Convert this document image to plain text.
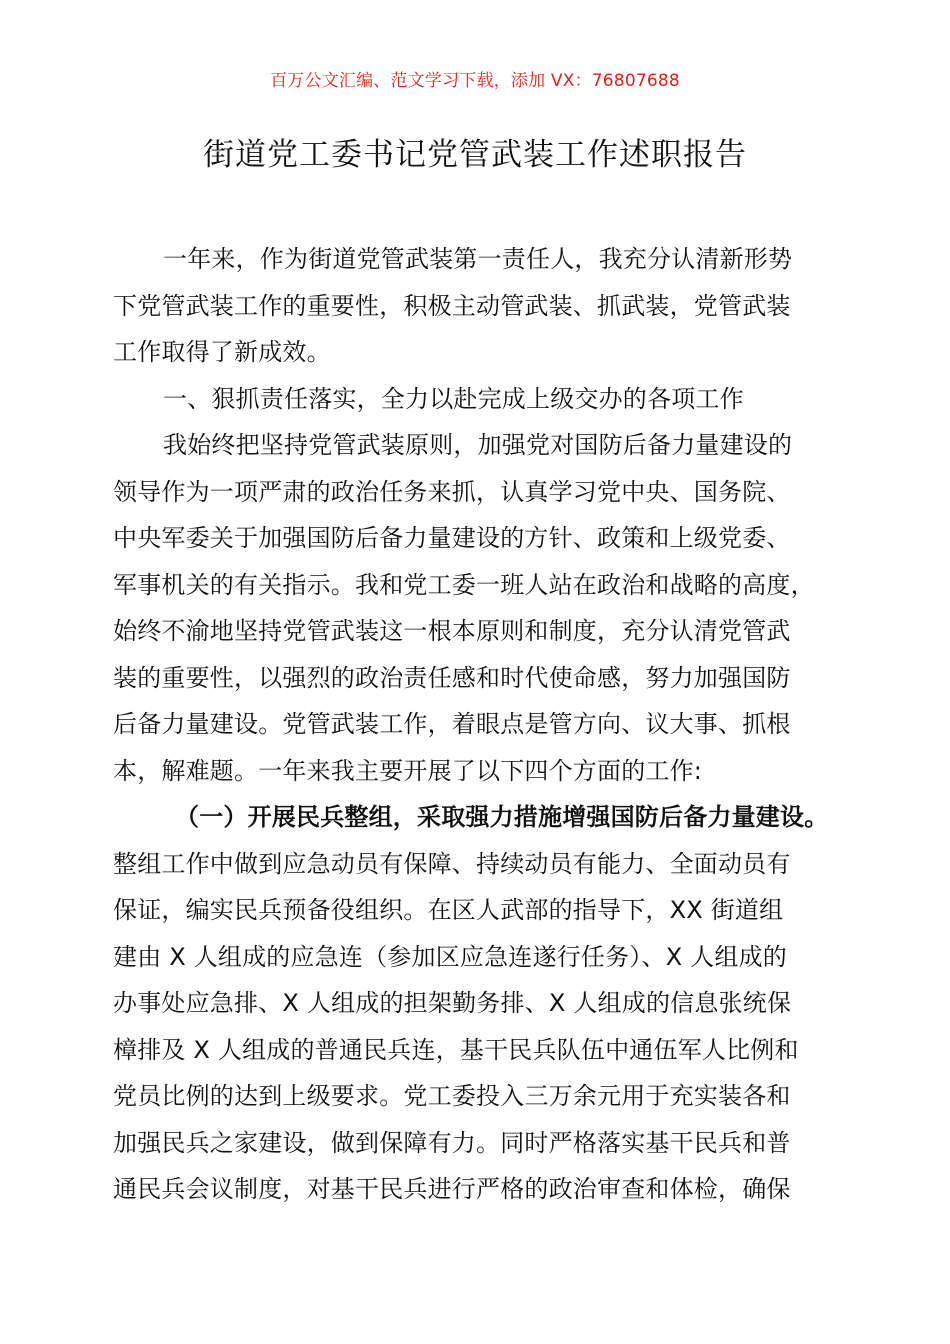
百万公文汇编、范文学习下载，添加 VX：76807688
街道党工委书记党管武装工作述职报告
一年来，作为街道党管武装第一责任人，我充分认清新形势
下党管武装工作的重要性，积极主动管武装、抓武装，党管武装
工作取得了新成效。
一、狠抓责任落实，全力以赴完成上级交办的各项工作
我始终把坚持党管武装原则，加强党对国防后备力量建设的
领导作为一项严肃的政治任务来抓，认真学习党中央、国务院、
中央军委关于加强国防后备力量建设的方针、政策和上级党委、
军事机关的有关指示。我和党工委一班人站在政治和战略的高度，
始终不渝地坚持党管武装这一根本原则和制度，充分认清党管武
装的重要性，以强烈的政治责任感和时代使命感，努力加强国防
后备力量建设。党管武装工作，着眼点是管方向、议大事、抓根
本，解难题。一年来我主要开展了以下四个方面的工作:
（一）开展民兵整组，采取强力措施增强国防后备力量建设。
整组工作中做到应急动员有保障、持续动员有能力、全面动员有
保证，编实民兵预备役组织。在区人武部的指导下，XX 街道组
建由 X 人组成的应急连（参加区应急连遂行任务）、X 人组成的
办事处应急排、X 人组成的担架勤务排、X 人组成的信息张统保
樟排及 X 人组成的普通民兵连，基干民兵队伍中通伍军人比例和
党员比例的达到上级要求。党工委投入三万余元用于充实装各和
加强民兵之家建设，做到保障有力。同时严格落实基干民兵和普
通民兵会议制度，对基干民兵进行严格的政治审查和体检，确保
